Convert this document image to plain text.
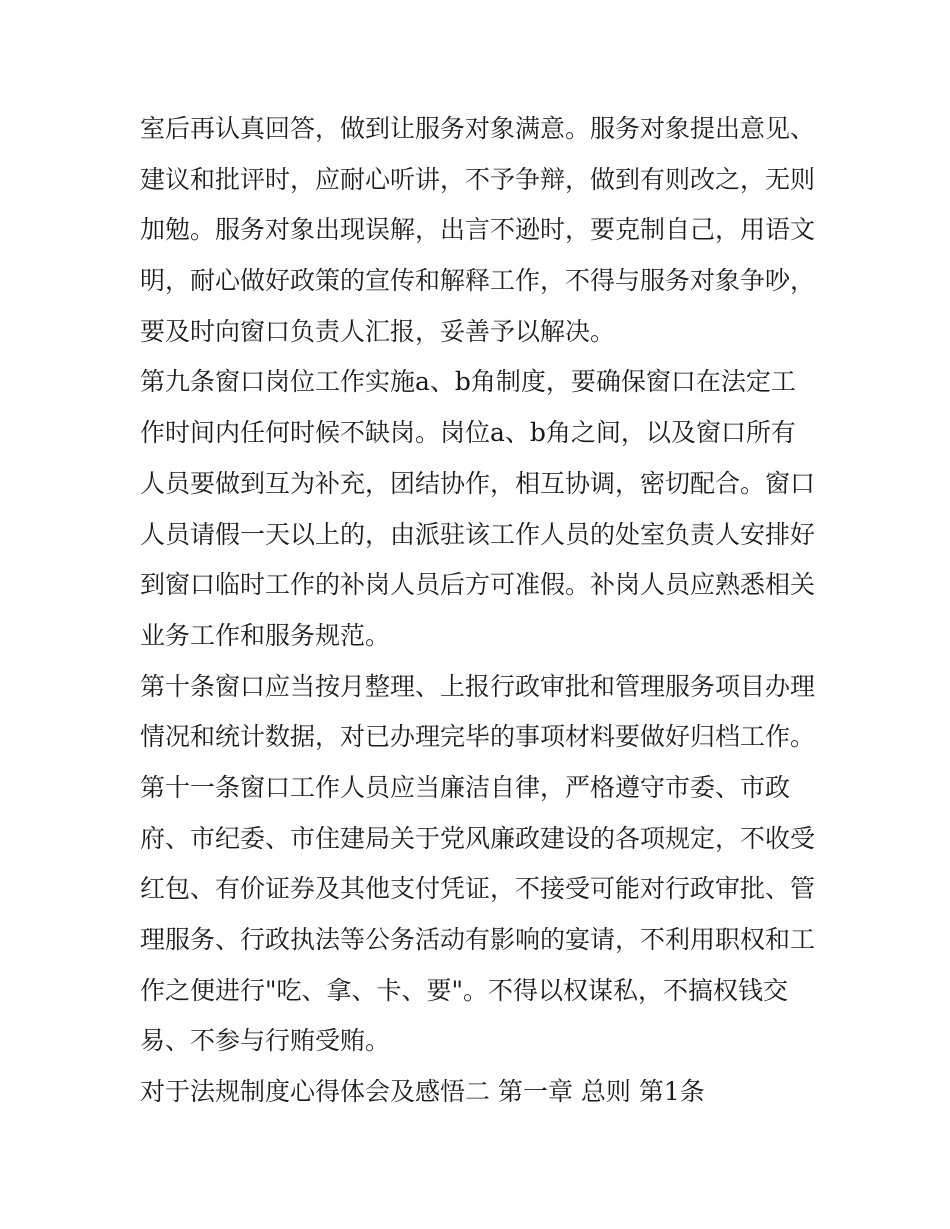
室后再认真回答，做到让服务对象满意。服务对象提出意见、
建议和批评时，应耐心听讲，不予争辩，做到有则改之，无则
加勉。服务对象出现误解，出言不逊时，要克制自己，用语文
明，耐心做好政策的宣传和解释工作，不得与服务对象争吵，
要及时向窗口负责人汇报，妥善予以解决。
第九条窗口岗位工作实施a、b角制度，要确保窗口在法定工
作时间内任何时候不缺岗。岗位a、b角之间，以及窗口所有
人员要做到互为补充，团结协作，相互协调，密切配合。窗口
人员请假一天以上的，由派驻该工作人员的处室负责人安排好
到窗口临时工作的补岗人员后方可准假。补岗人员应熟悉相关
业务工作和服务规范。
第十条窗口应当按月整理、上报行政审批和管理服务项目办理
情况和统计数据，对已办理完毕的事项材料要做好归档工作。
第十一条窗口工作人员应当廉洁自律，严格遵守市委、市政
府、市纪委、市住建局关于党风廉政建设的各项规定，不收受
红包、有价证券及其他支付凭证，不接受可能对行政审批、管
理服务、行政执法等公务活动有影响的宴请，不利用职权和工
作之便进行"吃、拿、卡、要"。不得以权谋私，不搞权钱交
易、不参与行贿受贿。
对于法规制度心得体会及感悟二 第一章 总则 第1条
